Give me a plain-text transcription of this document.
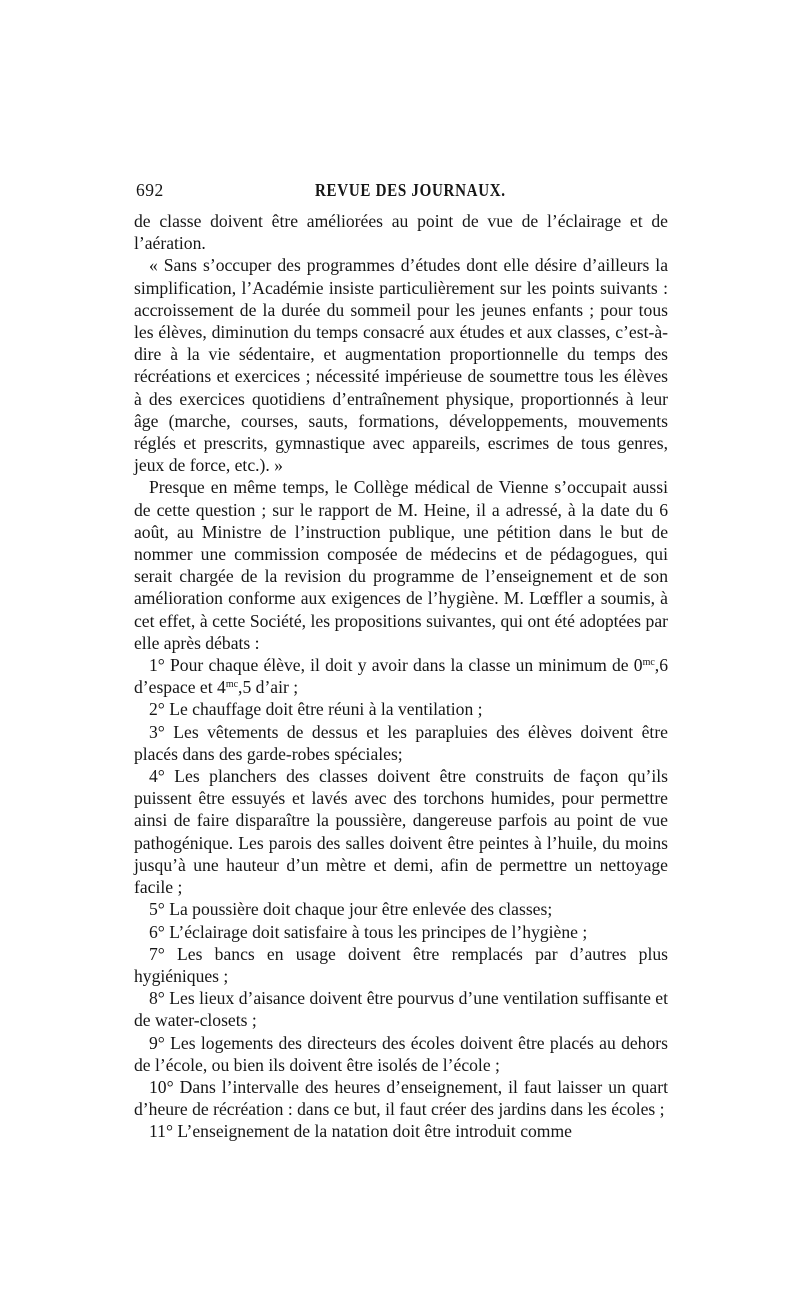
692	REVUE DES JOURNAUX.

de classe doivent être améliorées au point de vue de l’éclairage et de l’aération.

« Sans s’occuper des programmes d’études dont elle désire d’ailleurs la simplification, l’Académie insiste particulièrement sur les points suivants : accroissement de la durée du sommeil pour les jeunes enfants ; pour tous les élèves, diminution du temps consacré aux études et aux classes, c’est-à-dire à la vie sédentaire, et augmentation proportionnelle du temps des récréations et exercices ; nécessité impérieuse de soumettre tous les élèves à des exercices quotidiens d’entraînement physique, proportionnés à leur âge (marche, courses, sauts, formations, développements, mouvements réglés et prescrits, gymnastique avec appareils, escrimes de tous genres, jeux de force, etc.). »

Presque en même temps, le Collège médical de Vienne s’occupait aussi de cette question ; sur le rapport de M. Heine, il a adressé, à la date du 6 août, au Ministre de l’instruction publique, une pétition dans le but de nommer une commission composée de médecins et de pédagogues, qui serait chargée de la revision du programme de l’enseignement et de son amélioration conforme aux exigences de l’hygiène. M. Lœffler a soumis, à cet effet, à cette Société, les propositions suivantes, qui ont été adoptées par elle après débats :

1° Pour chaque élève, il doit y avoir dans la classe un minimum de $0^{mc},6$ d’espace et $4^{mc},5$ d’air ;

2° Le chauffage doit être réuni à la ventilation ;

3° Les vêtements de dessus et les parapluies des élèves doivent être placés dans des garde-robes spéciales;

4° Les planchers des classes doivent être construits de façon qu’ils puissent être essuyés et lavés avec des torchons humides, pour permettre ainsi de faire disparaître la poussière, dangereuse parfois au point de vue pathogénique. Les parois des salles doivent être peintes à l’huile, du moins jusqu’à une hauteur d’un mètre et demi, afin de permettre un nettoyage facile ;

5° La poussière doit chaque jour être enlevée des classes;

6° L’éclairage doit satisfaire à tous les principes de l’hygiène ;

7° Les bancs en usage doivent être remplacés par d’autres plus hygiéniques ;

8° Les lieux d’aisance doivent être pourvus d’une ventilation suffisante et de water-closets ;

9° Les logements des directeurs des écoles doivent être placés au dehors de l’école, ou bien ils doivent être isolés de l’école ;

10° Dans l’intervalle des heures d’enseignement, il faut laisser un quart d’heure de récréation : dans ce but, il faut créer des jardins dans les écoles ;

11° L’enseignement de la natation doit être introduit comme
